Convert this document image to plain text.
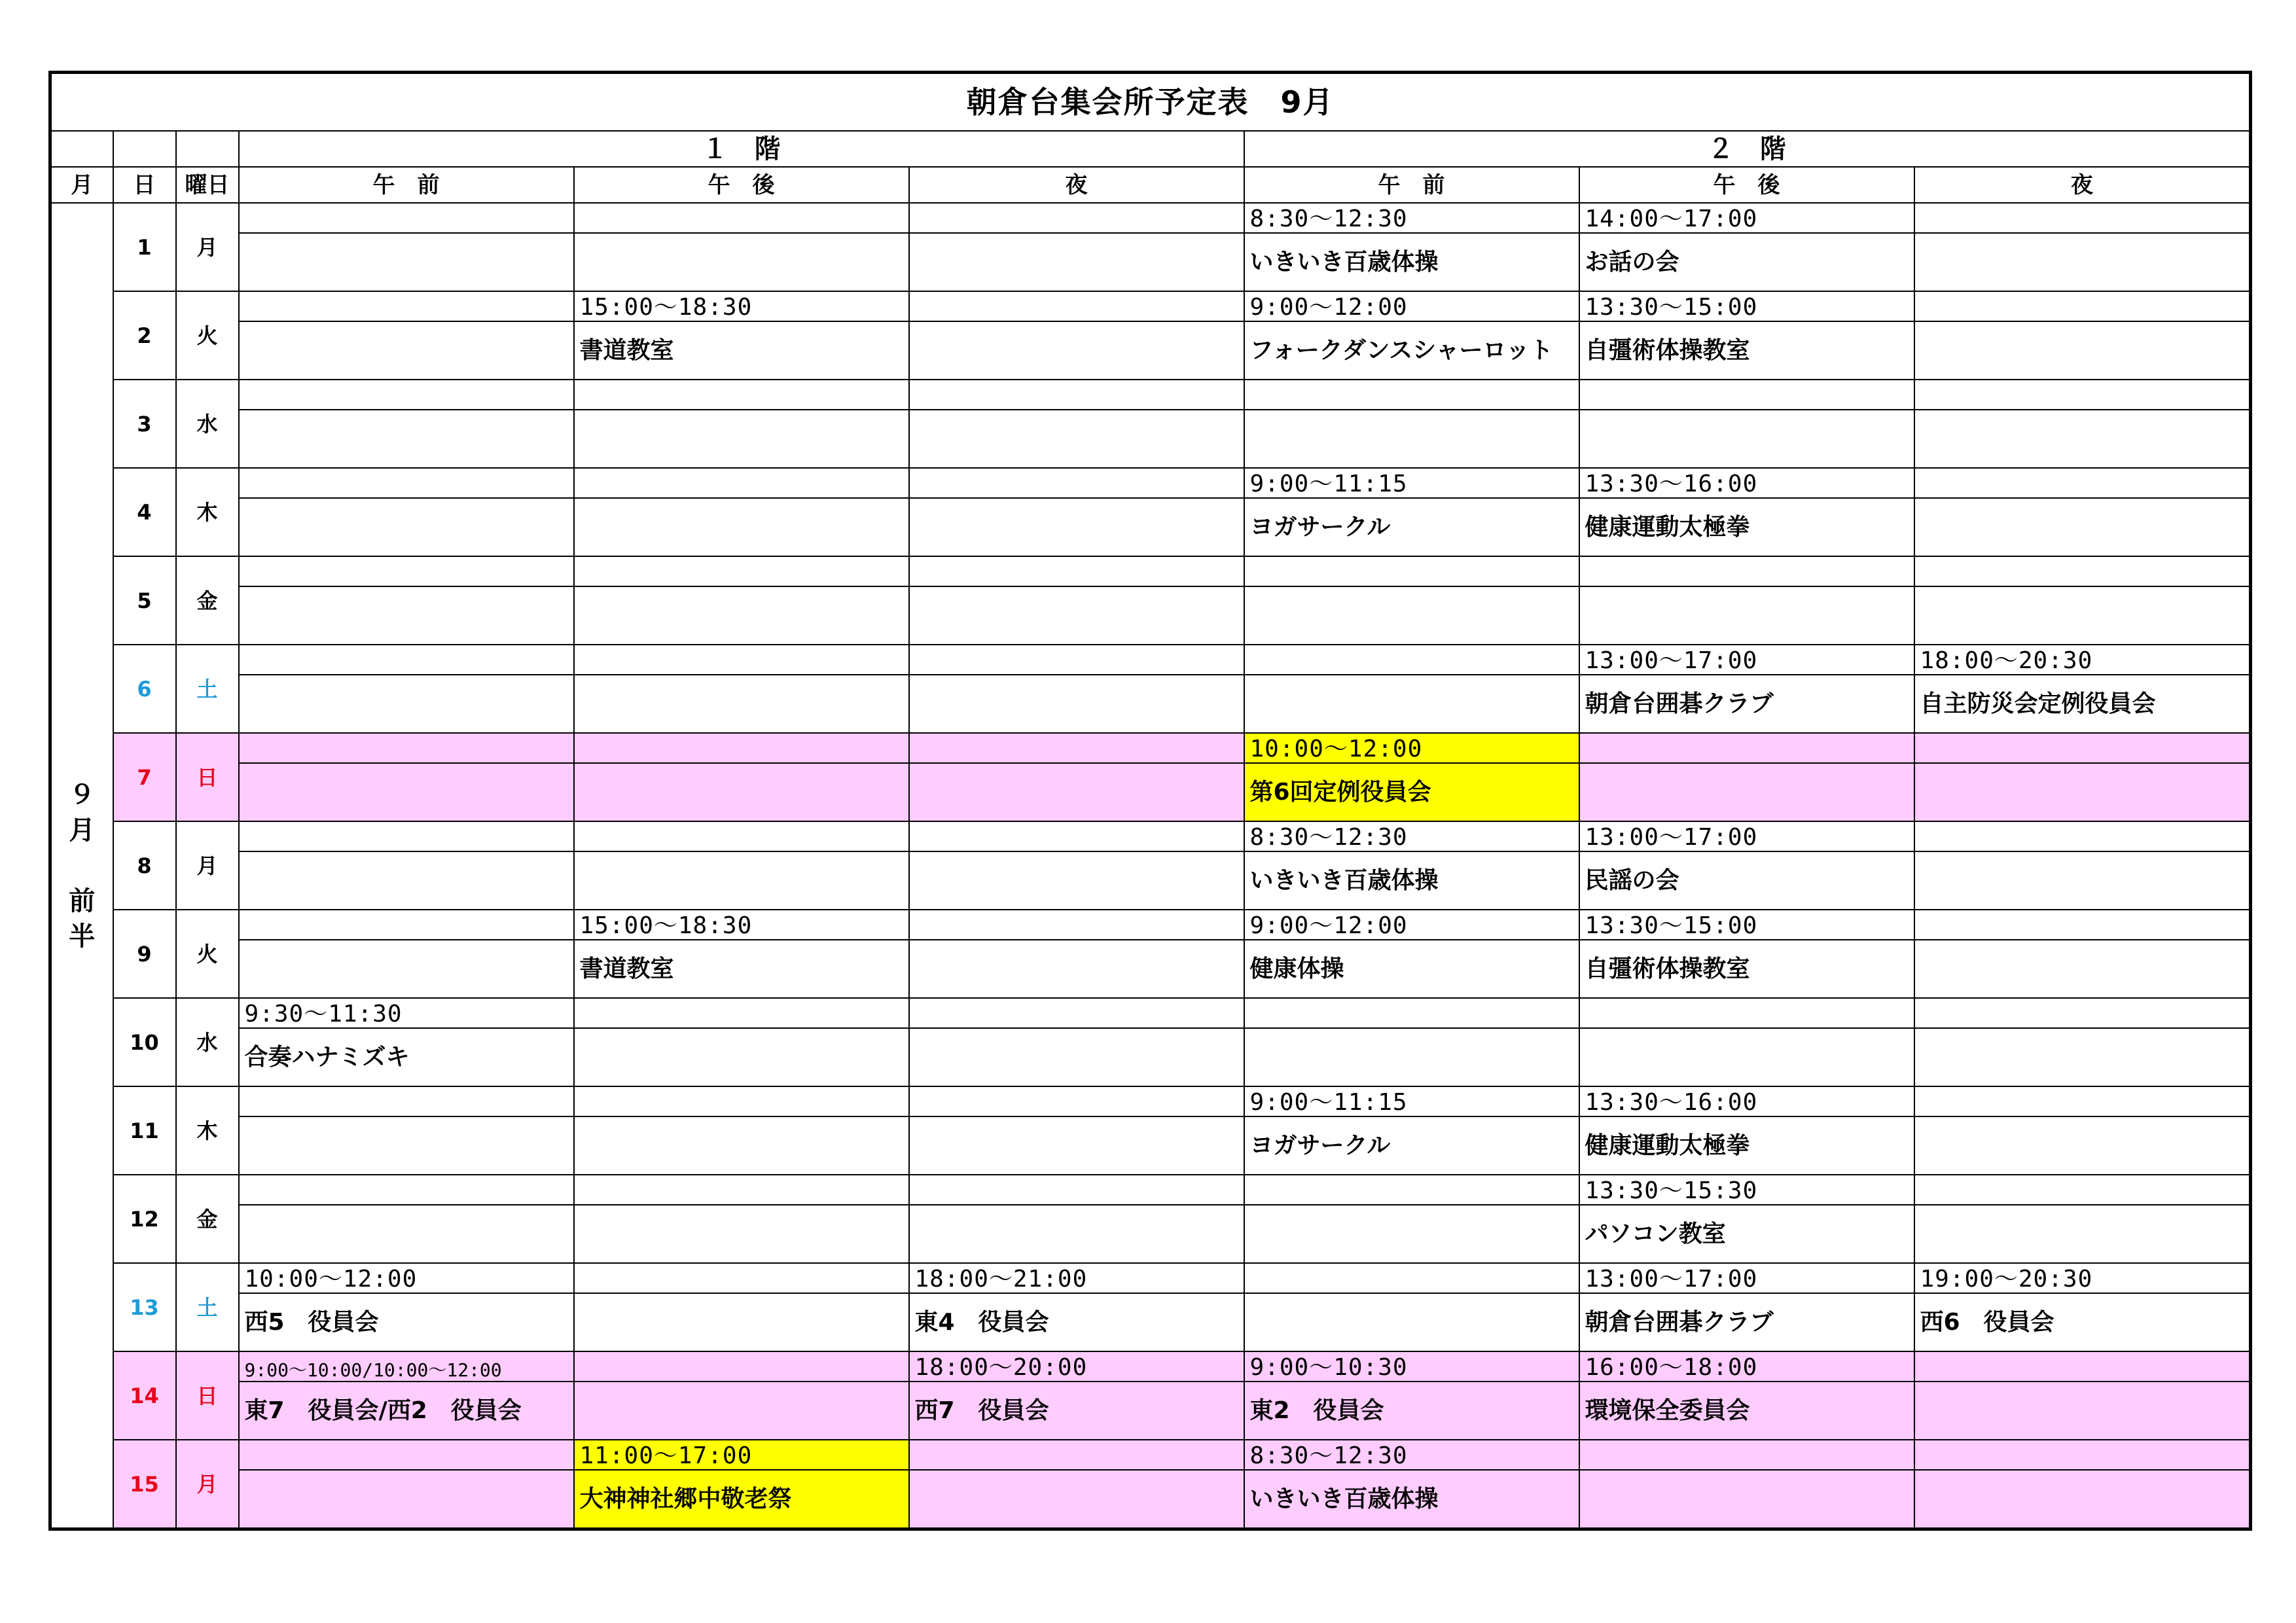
朝倉台集会所予定表　9月								
			１　階			２　階		
月	日	曜日	午　前	午　後	夜	午　前	午　後	夜
９
月

前
半	1	月				8:30～12:30	14:00～17:00	
						いきいき百歳体操	お話の会	
	2	火		15:00～18:30		9:00～12:00	13:30～15:00	
				書道教室		フォークダンスシャーロット	自彊術体操教室	
	3	水						

	4	木				9:00～11:15	13:30～16:00	
						ヨガサークル	健康運動太極拳	
	5	金						

	6	土					13:00～17:00	18:00～20:30
							朝倉台囲碁クラブ	自主防災会定例役員会
	7	日				10:00～12:00		
						第6回定例役員会		
	8	月				8:30～12:30	13:00～17:00	
						いきいき百歳体操	民謡の会	
	9	火		15:00～18:30		9:00～12:00	13:30～15:00	
				書道教室		健康体操	自彊術体操教室	
	10	水	9:30～11:30					
			合奏ハナミズキ					
	11	木				9:00～11:15	13:30～16:00	
						ヨガサークル	健康運動太極拳	
	12	金					13:30～15:30	
							パソコン教室	
	13	土	10:00～12:00		18:00～21:00		13:00～17:00	19:00～20:30
			西5　役員会		東4　役員会		朝倉台囲碁クラブ	西6　役員会
	14	日	9:00～10:00/10:00～12:00		18:00～20:00	9:00～10:30	16:00～18:00	
			東7　役員会/西2　役員会		西7　役員会	東2　役員会	環境保全委員会	
	15	月		11:00～17:00		8:30～12:30		
				大神神社郷中敬老祭		いきいき百歳体操		
